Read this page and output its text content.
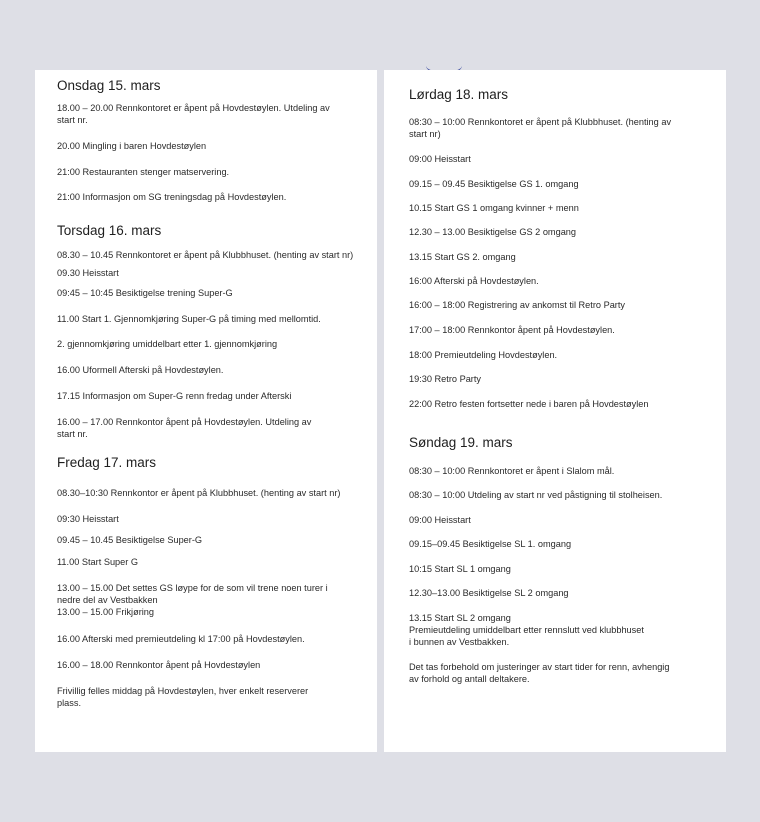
Onsdag 15. mars
18.00 – 20.00 Rennkontoret er åpent på Hovdestøylen. Utdeling av
start nr.
20.00 Mingling i baren Hovdestøylen
21:00 Restauranten stenger matservering.
21:00 Informasjon om SG treningsdag på Hovdestøylen.
Torsdag 16. mars
08.30 – 10.45 Rennkontoret er åpent på Klubbhuset. (henting av start nr)
09.30 Heisstart
09:45 – 10:45 Besiktigelse trening Super-G
11.00 Start 1. Gjennomkjøring Super-G på timing med mellomtid.
2. gjennomkjøring umiddelbart etter 1. gjennomkjøring
16.00 Uformell Afterski på Hovdestøylen.
17.15 Informasjon om Super-G renn fredag under Afterski
16.00 – 17.00 Rennkontor åpent på Hovdestøylen. Utdeling av
start nr.
Fredag 17. mars
08.30–10:30 Rennkontor er åpent på Klubbhuset. (henting av start nr)
09:30 Heisstart
09.45 – 10.45 Besiktigelse Super-G
11.00 Start Super G
13.00 – 15.00 Det settes GS løype for de som vil trene noen turer i
nedre del av Vestbakken
13.00 – 15.00 Frikjøring
16.00 Afterski med premieutdeling kl 17:00 på Hovdestøylen.
16.00 – 18.00 Rennkontor åpent på Hovdestøylen
Frivillig felles middag på Hovdestøylen, hver enkelt reserverer
plass.
Lørdag 18. mars
08:30 – 10:00 Rennkontoret er åpent på Klubbhuset. (henting av
start nr)
09:00 Heisstart
09.15 – 09.45 Besiktigelse GS 1. omgang
10.15 Start GS 1 omgang kvinner + menn
12.30 – 13.00 Besiktigelse GS 2 omgang
13.15 Start GS 2. omgang
16:00 Afterski på Hovdestøylen.
16:00 – 18:00 Registrering av ankomst til Retro Party
17:00 – 18:00 Rennkontor åpent på Hovdestøylen.
18:00 Premieutdeling Hovdestøylen.
19:30 Retro Party
22:00 Retro festen fortsetter nede i baren på Hovdestøylen
Søndag 19. mars
08:30 – 10:00 Rennkontoret er åpent i Slalom mål.
08:30 – 10:00 Utdeling av start nr ved påstigning til stolheisen.
09:00 Heisstart
09.15–09.45 Besiktigelse SL 1. omgang
10:15 Start SL 1 omgang
12.30–13.00 Besiktigelse SL 2 omgang
13.15 Start SL 2 omgang
Premieutdeling umiddelbart etter rennslutt ved klubbhuset
i bunnen av Vestbakken.
Det tas forbehold om justeringer av start tider for renn, avhengig
av forhold og antall deltakere.
